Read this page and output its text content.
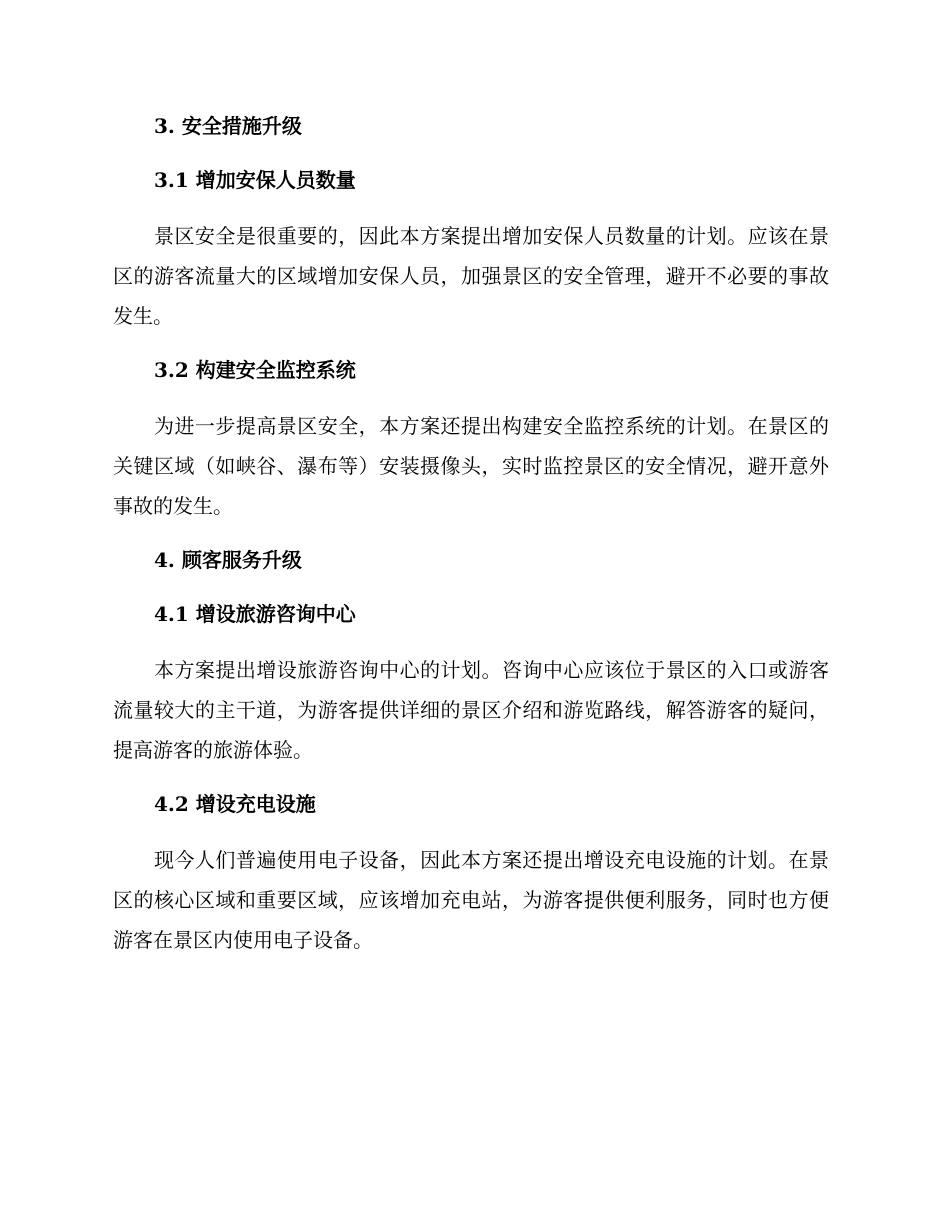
3. 安全措施升级
3.1 增加安保人员数量

景区安全是很重要的，因此本方案提出增加安保人员数量的计划。应该在景区的游客流量大的区域增加安保人员，加强景区的安全管理，避开不必要的事故发生。

3.2 构建安全监控系统

为进一步提高景区安全，本方案还提出构建安全监控系统的计划。在景区的关键区域（如峡谷、瀑布等）安装摄像头，实时监控景区的安全情况，避开意外事故的发生。

4. 顾客服务升级
4.1 增设旅游咨询中心

本方案提出增设旅游咨询中心的计划。咨询中心应该位于景区的入口或游客流量较大的主干道，为游客提供详细的景区介绍和游览路线，解答游客的疑问，提高游客的旅游体验。

4.2 增设充电设施

现今人们普遍使用电子设备，因此本方案还提出增设充电设施的计划。在景区的核心区域和重要区域，应该增加充电站，为游客提供便利服务，同时也方便游客在景区内使用电子设备。
